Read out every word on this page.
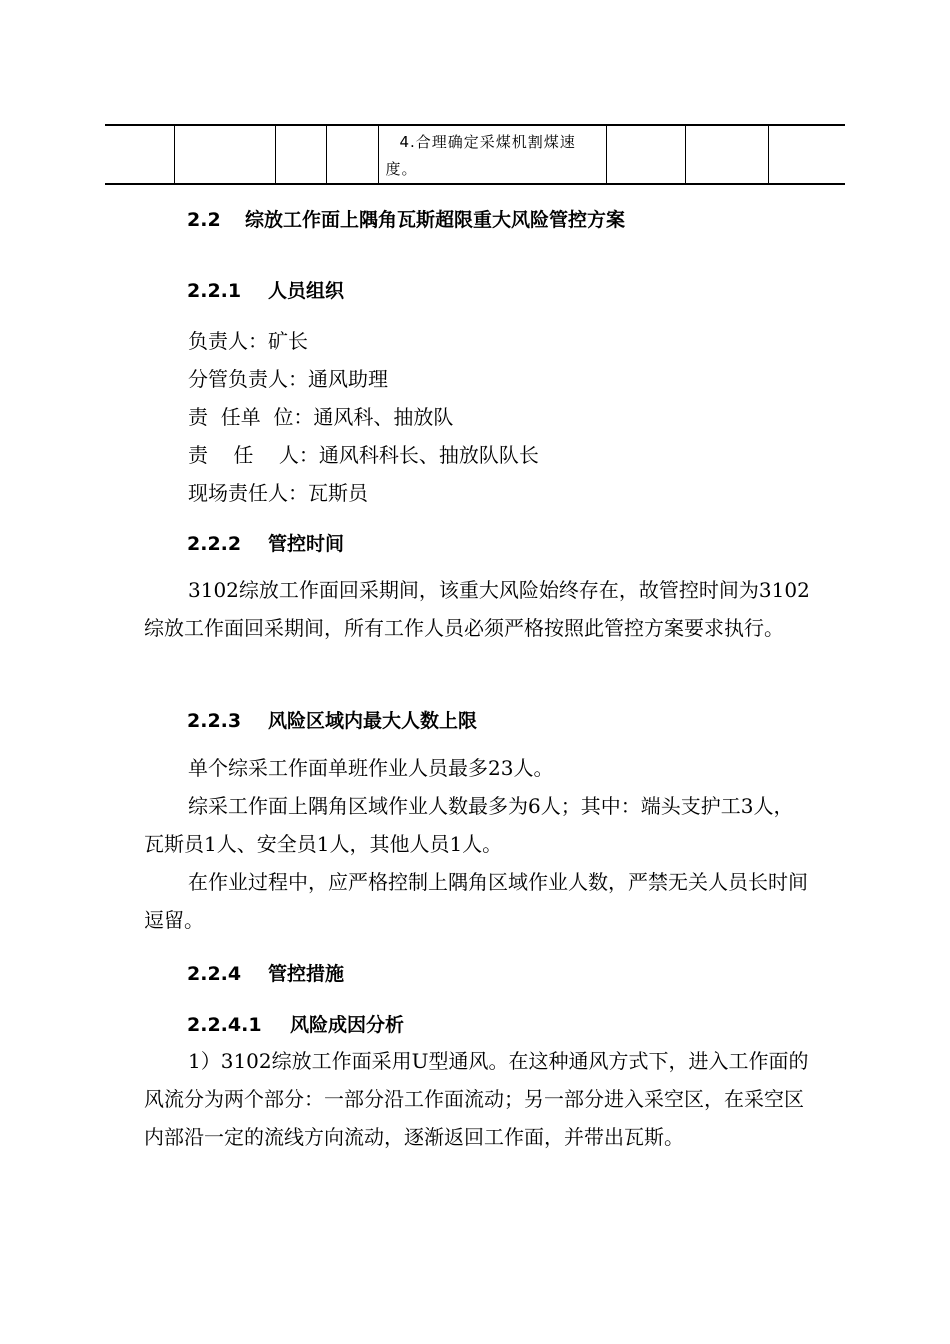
4.合理确定采煤机割煤速度。

2.2 综放工作面上隅角瓦斯超限重大风险管控方案
2.2.1 人员组织

负责人：矿长

分管负责人：通风助理

责  任单  位：通风科、抽放队

责    任    人：通风科科长、抽放队队长

现场责任人：瓦斯员

2.2.2 管控时间

3102综放工作面回采期间，该重大风险始终存在，故管控时间为3102综放工作面回采期间，所有工作人员必须严格按照此管控方案要求执行。

2.2.3 风险区域内最大人数上限

单个综采工作面单班作业人员最多23人。

综采工作面上隅角区域作业人数最多为6人；其中：端头支护工3人，瓦斯员1人、安全员1人，其他人员1人。

在作业过程中，应严格控制上隅角区域作业人数，严禁无关人员长时间逗留。

2.2.4 管控措施
2.2.4.1 风险成因分析

1）3102综放工作面采用U型通风。在这种通风方式下，进入工作面的风流分为两个部分：一部分沿工作面流动；另一部分进入采空区，在采空区内部沿一定的流线方向流动，逐渐返回工作面，并带出瓦斯。
